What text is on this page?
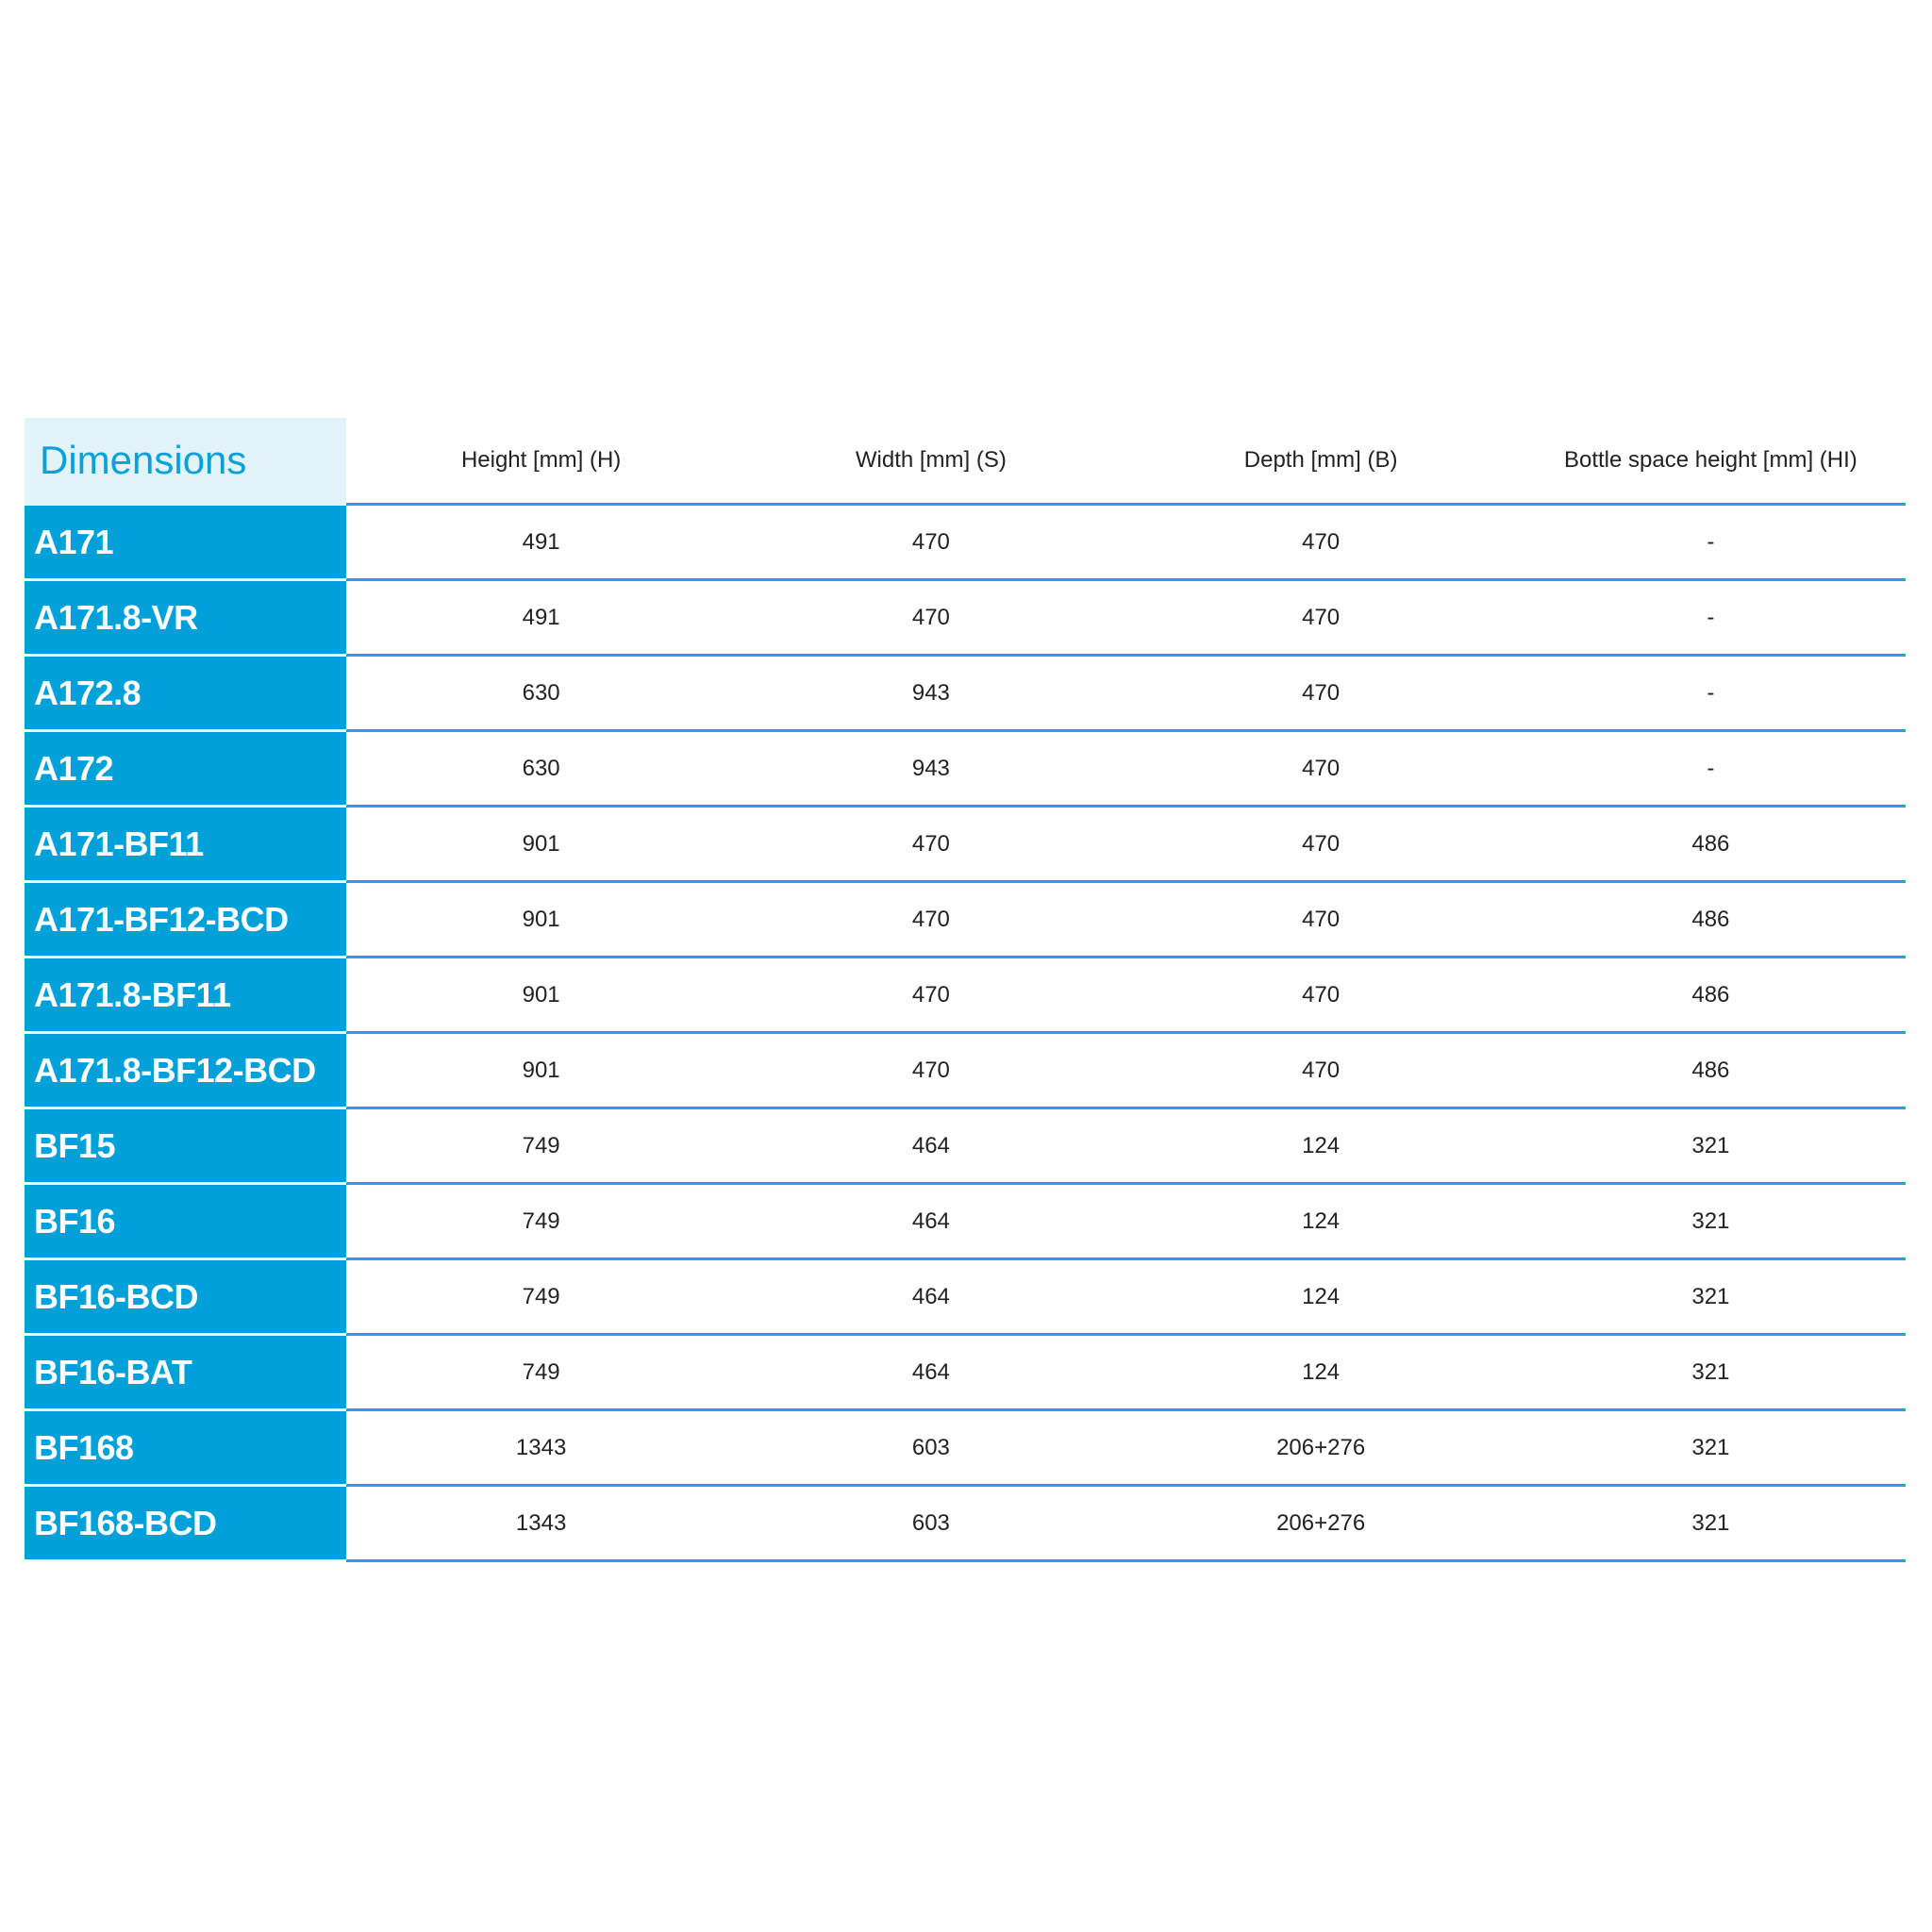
Dimensions	Height [mm] (H)	Width [mm] (S)	Depth [mm] (B)	Bottle space height [mm] (HI)
A171	491	470	470	-
A171.8-VR	491	470	470	-
A172.8	630	943	470	-
A172	630	943	470	-
A171-BF11	901	470	470	486
A171-BF12-BCD	901	470	470	486
A171.8-BF11	901	470	470	486
A171.8-BF12-BCD	901	470	470	486
BF15	749	464	124	321
BF16	749	464	124	321
BF16-BCD	749	464	124	321
BF16-BAT	749	464	124	321
BF168	1343	603	206+276	321
BF168-BCD	1343	603	206+276	321
